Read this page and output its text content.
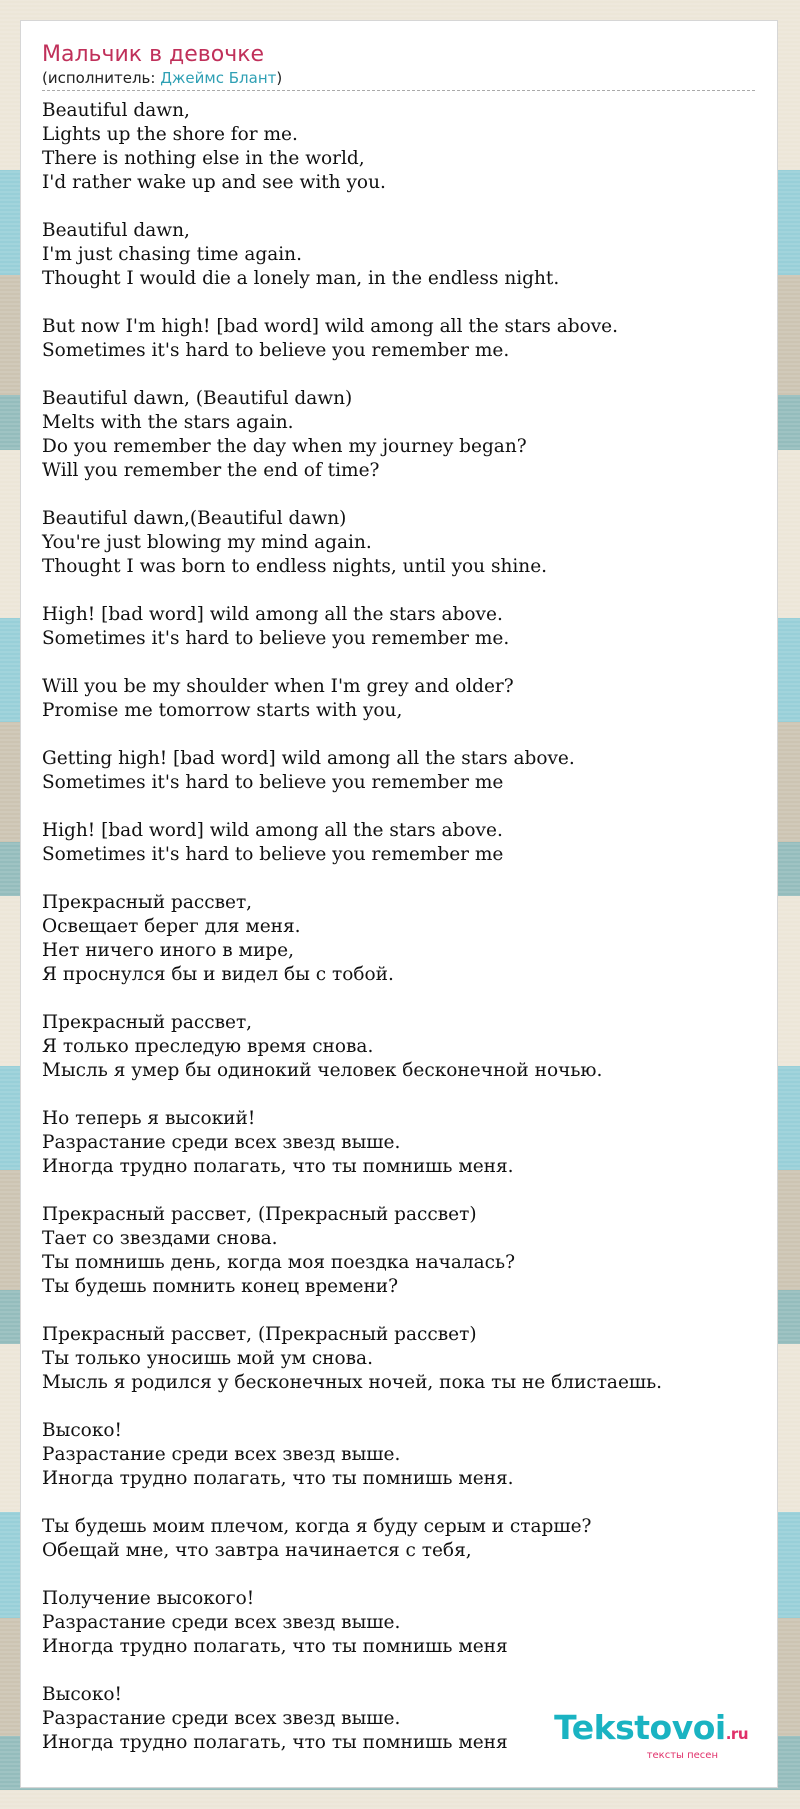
Мальчик в девочке
(исполнитель: Джеймс Блант)
Beautiful dawn,
Lights up the shore for me.
There is nothing else in the world,
I'd rather wake up and see with you.
Beautiful dawn,
I'm just chasing time again.
Thought I would die a lonely man, in the endless night.
But now I'm high! [bad word] wild among all the stars above.
Sometimes it's hard to believe you remember me.
Beautiful dawn, (Beautiful dawn)
Melts with the stars again.
Do you remember the day when my journey began?
Will you remember the end of time?
Beautiful dawn,(Beautiful dawn)
You're just blowing my mind again.
Thought I was born to endless nights, until you shine.
High! [bad word] wild among all the stars above.
Sometimes it's hard to believe you remember me.
Will you be my shoulder when I'm grey and older?
Promise me tomorrow starts with you,
Getting high! [bad word] wild among all the stars above.
Sometimes it's hard to believe you remember me
High! [bad word] wild among all the stars above.
Sometimes it's hard to believe you remember me
Прекрасный рассвет,
Освещает берег для меня.
Нет ничего иного в мире,
Я проснулся бы и видел бы с тобой.
Прекрасный рассвет,
Я только преследую время снова.
Мысль я умер бы одинокий человек бесконечной ночью.
Но теперь я высокий!
Разрастание среди всех звезд выше.
Иногда трудно полагать, что ты помнишь меня.
Прекрасный рассвет, (Прекрасный рассвет)
Тает со звездами снова.
Ты помнишь день, когда моя поездка началась?
Ты будешь помнить конец времени?
Прекрасный рассвет, (Прекрасный рассвет)
Ты только уносишь мой ум снова.
Мысль я родился у бесконечных ночей, пока ты не блистаешь.
Высоко!
Разрастание среди всех звезд выше.
Иногда трудно полагать, что ты помнишь меня.
Ты будешь моим плечом, когда я буду серым и старше?
Обещай мне, что завтра начинается с тебя,
Получение высокого!
Разрастание среди всех звезд выше.
Иногда трудно полагать, что ты помнишь меня
Высоко!
Разрастание среди всех звезд выше.
Иногда трудно полагать, что ты помнишь меня	Tekstovoi.ru
тексты песен
